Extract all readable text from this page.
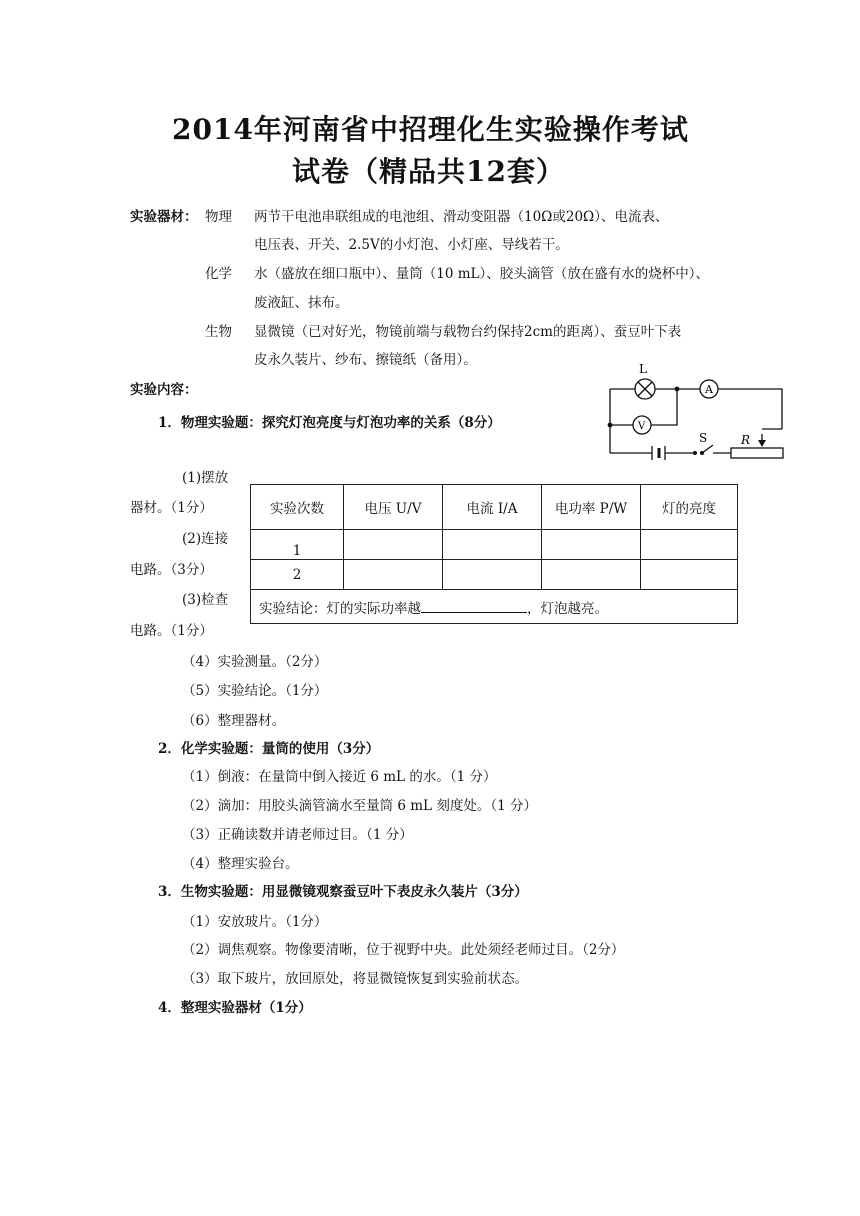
2014年河南省中招理化生实验操作考试
试卷（精品共12套）
实验器材： 物理 两节干电池串联组成的电池组、滑动变阻器（10Ω或20Ω）、电流表、
电压表、开关、2.5V的小灯泡、小灯座、导线若干。
化学 水（盛放在细口瓶中）、量筒（10 mL）、胶头滴管（放在盛有水的烧杯中）、
废液缸、抹布。
生物 显微镜（已对好光，物镜前端与载物台约保持2cm的距离）、蚕豆叶下表
皮永久装片、纱布、擦镜纸（备用）。
实验内容：
1．物理实验题：探究灯泡亮度与灯泡功率的关系（8分）
L
A
V
S	R
(1)摆放
器材。（1分）
(2)连接
电路。（3分）
(3)检查
电路。（1分）
实验次数	电压 U/V	电流 I/A	电功率 P/W	灯的亮度
1				
2				
实验结论：灯的实际功率越 ，灯泡越亮。				
（4）实验测量。（2分）
（5）实验结论。（1分）
（6）整理器材。
2．化学实验题：量筒的使用（3分）
（1）倒液：在量筒中倒入接近 6 mL 的水。（1 分）
（2）滴加：用胶头滴管滴水至量筒 6 mL 刻度处。（1 分）
（3）正确读数并请老师过目。（1 分）
（4）整理实验台。
3．生物实验题：用显微镜观察蚕豆叶下表皮永久装片（3分）
（1）安放玻片。（1分）
（2）调焦观察。物像要清晰，位于视野中央。此处须经老师过目。（2分）
（3）取下玻片，放回原处，将显微镜恢复到实验前状态。
4．整理实验器材（1分）
